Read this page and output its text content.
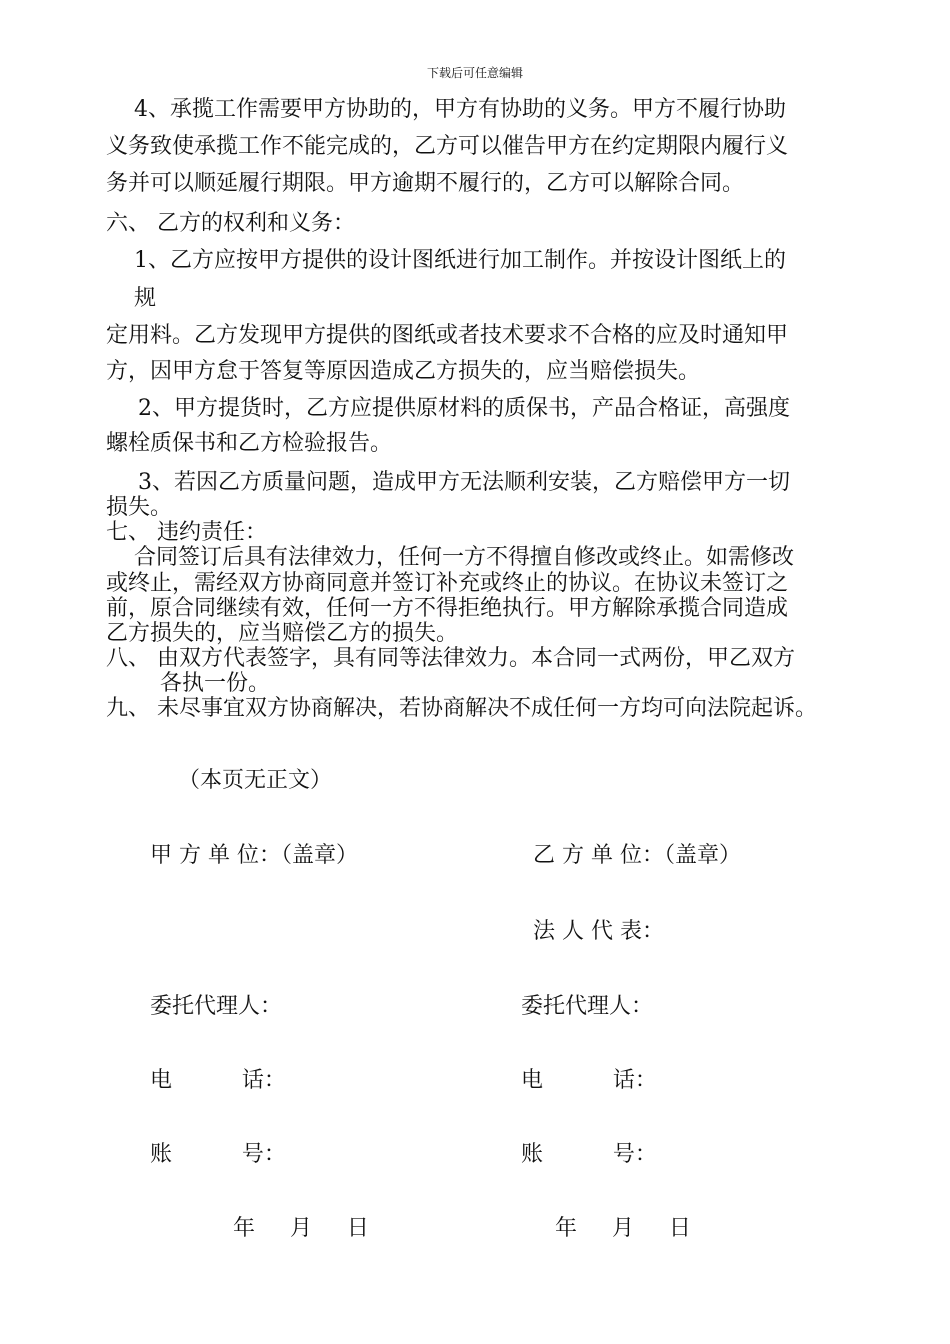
下载后可任意编辑
4、承揽工作需要甲方协助的，甲方有协助的义务。甲方不履行协助
义务致使承揽工作不能完成的，乙方可以催告甲方在约定期限内履行义
务并可以顺延履行期限。甲方逾期不履行的，乙方可以解除合同。
六、 乙方的权利和义务：
1、乙方应按甲方提供的设计图纸进行加工制作。并按设计图纸上的
规
定用料。乙方发现甲方提供的图纸或者技术要求不合格的应及时通知甲
方，因甲方怠于答复等原因造成乙方损失的，应当赔偿损失。
2、甲方提货时，乙方应提供原材料的质保书，产品合格证，高强度
螺栓质保书和乙方检验报告。
3、若因乙方质量问题，造成甲方无法顺利安装，乙方赔偿甲方一切
损失。
七、 违约责任：
合同签订后具有法律效力，任何一方不得擅自修改或终止。如需修改
或终止，需经双方协商同意并签订补充或终止的协议。在协议未签订之
前，原合同继续有效，任何一方不得拒绝执行。甲方解除承揽合同造成
乙方损失的，应当赔偿乙方的损失。
八、 由双方代表签字，具有同等法律效力。本合同一式两份，甲乙双方
各执一份。
九、 未尽事宜双方协商解决，若协商解决不成任何一方均可向法院起诉。
（本页无正文）
甲 方 单 位：（盖章）
委托代理人：
电          话：
账          号：
年     月     日
乙 方 单 位：（盖章）
法 人 代 表：
委托代理人：
电          话：
账          号：
年     月     日
